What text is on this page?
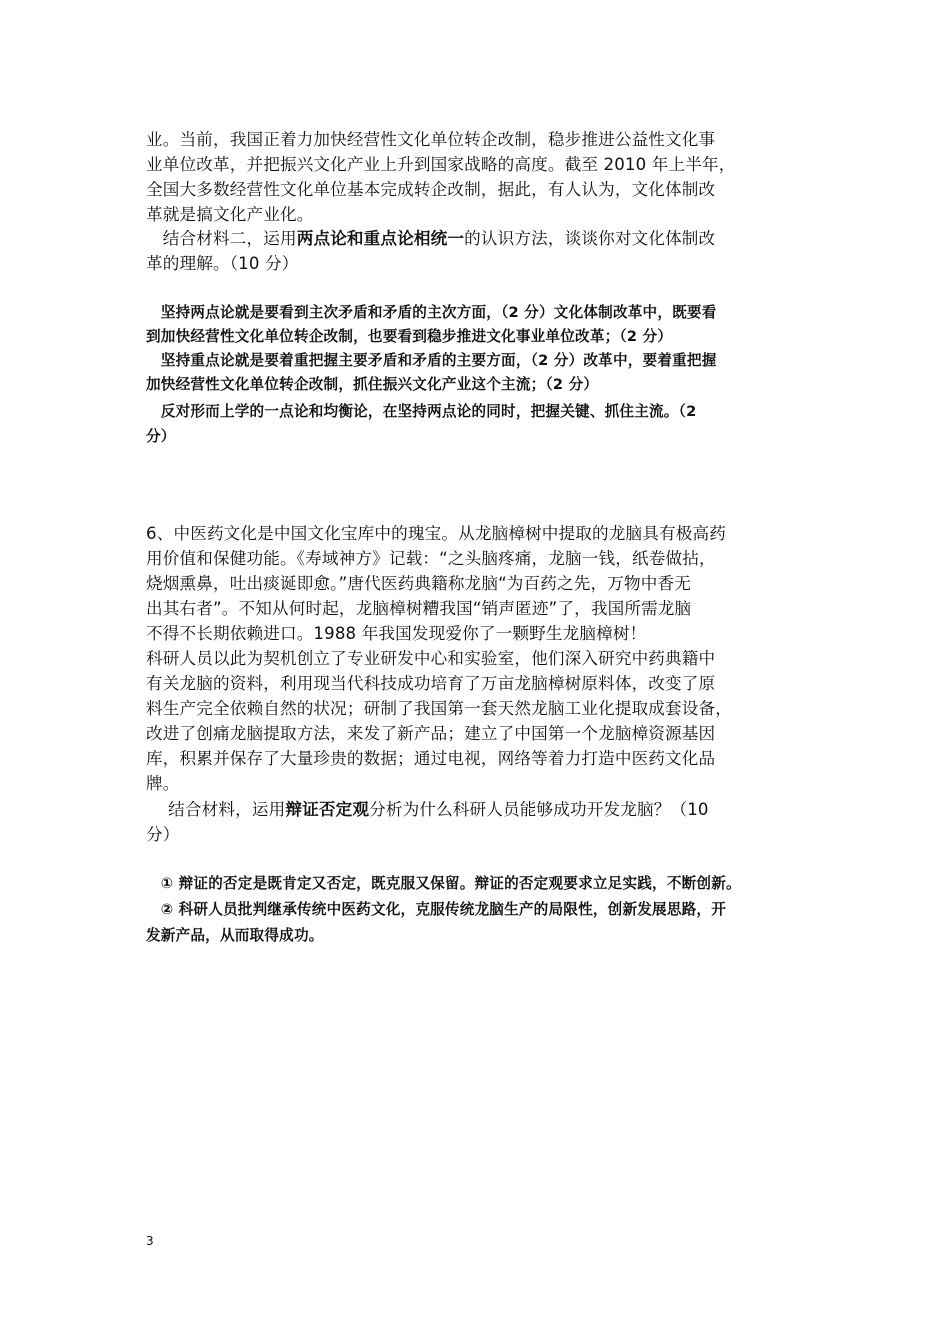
业。当前，我国正着力加快经营性文化单位转企改制，稳步推进公益性文化事
业单位改革，并把振兴文化产业上升到国家战略的高度。截至 2010 年上半年，
全国大多数经营性文化单位基本完成转企改制，据此，有人认为，文化体制改
革就是搞文化产业化。
　结合材料二，运用两点论和重点论相统一的认识方法，谈谈你对文化体制改
革的理解。（10 分）
　坚持两点论就是要看到主次矛盾和矛盾的主次方面，（2 分）文化体制改革中，既要看
到加快经营性文化单位转企改制，也要看到稳步推进文化事业单位改革；（2 分）
　坚持重点论就是要着重把握主要矛盾和矛盾的主要方面，（2 分）改革中，要着重把握
加快经营性文化单位转企改制，抓住振兴文化产业这个主流；（2 分）
　反对形而上学的一点论和均衡论，在坚持两点论的同时，把握关键、抓住主流。（2
分）
6、中医药文化是中国文化宝库中的瑰宝。从龙脑樟树中提取的龙脑具有极高药
用价值和保健功能。《寿域神方》记载：“之头脑疼痛，龙脑一钱，纸卷做拈，
烧烟熏鼻，吐出痰诞即愈。”唐代医药典籍称龙脑“为百药之先，万物中香无
出其右者”。不知从何时起，龙脑樟树糟我国“销声匿迹”了，我国所需龙脑
不得不长期依赖进口。1988 年我国发现爱你了一颗野生龙脑樟树！
科研人员以此为契机创立了专业研发中心和实验室，他们深入研究中药典籍中
有关龙脑的资料，利用现当代科技成功培育了万亩龙脑樟树原料体，改变了原
料生产完全依赖自然的状况；研制了我国第一套天然龙脑工业化提取成套设备，
改进了创痛龙脑提取方法，来发了新产品；建立了中国第一个龙脑樟资源基因
库，积累并保存了大量珍贵的数据；通过电视，网络等着力打造中医药文化品
牌。
　 结合材料，运用辩证否定观分析为什么科研人员能够成功开发龙脑？（10
分）
　① 辩证的否定是既肯定又否定，既克服又保留。辩证的否定观要求立足实践，不断创新。
　② 科研人员批判继承传统中医药文化，克服传统龙脑生产的局限性，创新发展思路，开
发新产品，从而取得成功。
3
